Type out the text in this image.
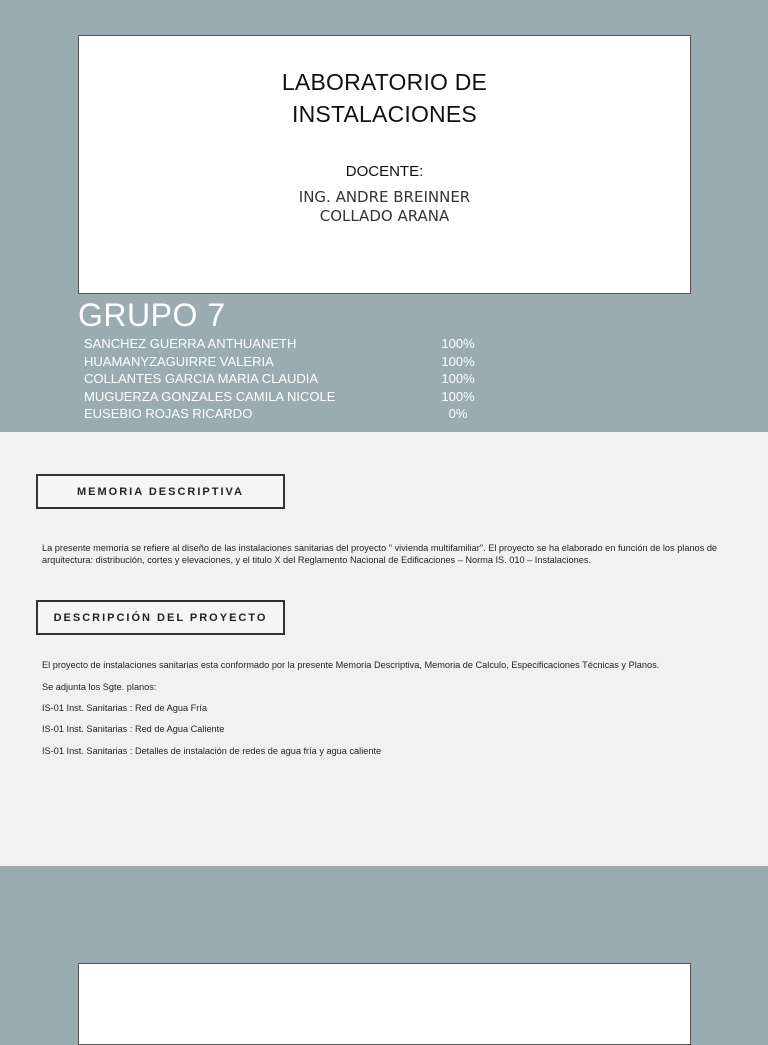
LABORATORIO DE INSTALACIONES
DOCENTE:
ING. ANDRE BREINNER
COLLADO ARANA
GRUPO 7
SANCHEZ GUERRA ANTHUANETH	100%
HUAMANYZAGUIRRE VALERIA	100%
COLLANTES GARCIA MARIA CLAUDIA	100%
MUGUERZA GONZALES CAMILA NICOLE	100%
EUSEBIO ROJAS RICARDO	0%
MEMORIA DESCRIPTIVA
La presente memoria se refiere al diseño de las instalaciones sanitarias del proyecto " vivienda multifamiliar". El proyecto se ha elaborado en función de los planos de arquitectura: distribución, cortes y elevaciones, y el titulo X del Reglamento Nacional de Edificaciones – Norma IS. 010 – Instalaciones.
DESCRIPCIÓN DEL PROYECTO
El proyecto de instalaciones sanitarias esta conformado por la presente Memoria Descriptiva, Memoria de Calculo, Especificaciones Técnicas y Planos.
Se adjunta los Sgte. planos:
IS-01 Inst. Sanitarias : Red de Agua Fría
IS-01 Inst. Sanitarias : Red de Agua Caliente
IS-01 Inst. Sanitarias : Detalles de instalación de redes de agua fría y agua caliente
